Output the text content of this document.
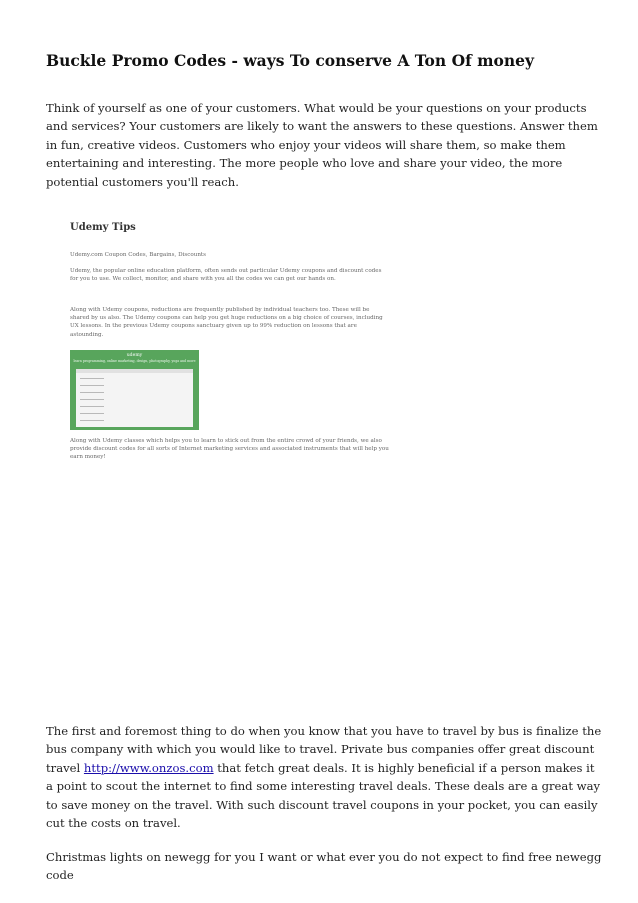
Buckle Promo Codes - ways To conserve A Ton Of money

Think of yourself as one of your customers. What would be your questions on your products and services? Your customers are likely to want the answers to these questions. Answer them in fun, creative videos. Customers who enjoy your videos will share them, so make them entertaining and interesting. The more people who love and share your video, the more potential customers you'll reach.

Udemy Tips
Udemy.com Coupon Codes, Bargains, Discounts
Udemy, the popular online education platform, often sends out particular Udemy coupons and discount codes for you to use. We collect, monitor, and share with you all the codes we can get our hands on.
Along with Udemy coupons, reductions are frequently published by individual teachers too. These will be shared by us also. The Udemy coupons can help you get huge reductions on a big choice of courses, including UX lessons. In the previous Udemy coupons sanctuary given up to 99% reduction on lessons that are astounding.
udemy
learn programming, online marketing, design, photography, yoga and more
Along with Udemy classes which helps you to learn to stick out from the entire crowd of your friends, we also provide discount codes for all sorts of Internet marketing services and associated instruments that will help you earn money!

The first and foremost thing to do when you know that you have to travel by bus is finalize the bus company with which you would like to travel. Private bus companies offer great discount travel http://www.onzos.com that fetch great deals. It is highly beneficial if a person makes it a point to scout the internet to find some interesting travel deals. These deals are a great way to save money on the travel. With such discount travel coupons in your pocket, you can easily cut the costs on travel.

Christmas lights on newegg for you I want or what ever you do not expect to find free newegg code
